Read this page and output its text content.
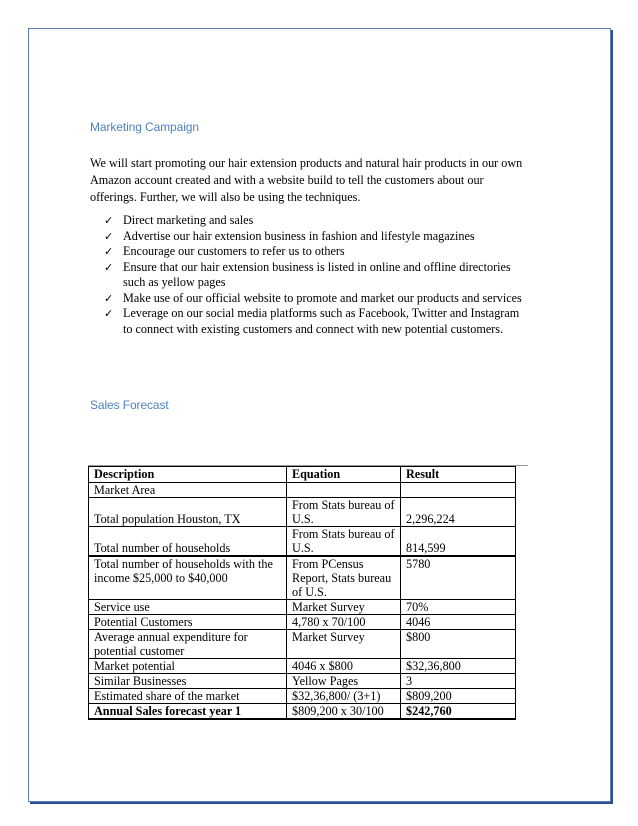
Marketing Campaign
We will start promoting our hair extension products and natural hair products in our own Amazon account created and with a website build to tell the customers about our offerings. Further, we will also be using the techniques.
✓ Direct marketing and sales
✓ Advertise our hair extension business in fashion and lifestyle magazines
✓ Encourage our customers to refer us to others
✓ Ensure that our hair extension business is listed in online and offline directories such as yellow pages
✓ Make use of our official website to promote and market our products and services
✓ Leverage on our social media platforms such as Facebook, Twitter and Instagram to connect with existing customers and connect with new potential customers.
Sales Forecast
Description	Equation	Result
Market Area		
Total population Houston, TX	From Stats bureau of U.S.	2,296,224
Total number of households	From Stats bureau of U.S.	814,599
Total number of households with the income $25,000 to $40,000	From PCensus Report, Stats bureau of U.S.	5780
Service use	Market Survey	70%
Potential Customers	4,780 x 70/100	4046
Average annual expenditure for potential customer	Market Survey	$800
Market potential	4046 x $800	$32,36,800
Similar Businesses	Yellow Pages	3
Estimated share of the market	$32,36,800/ (3+1)	$809,200
Annual Sales forecast year 1	$809,200 x 30/100	$242,760
